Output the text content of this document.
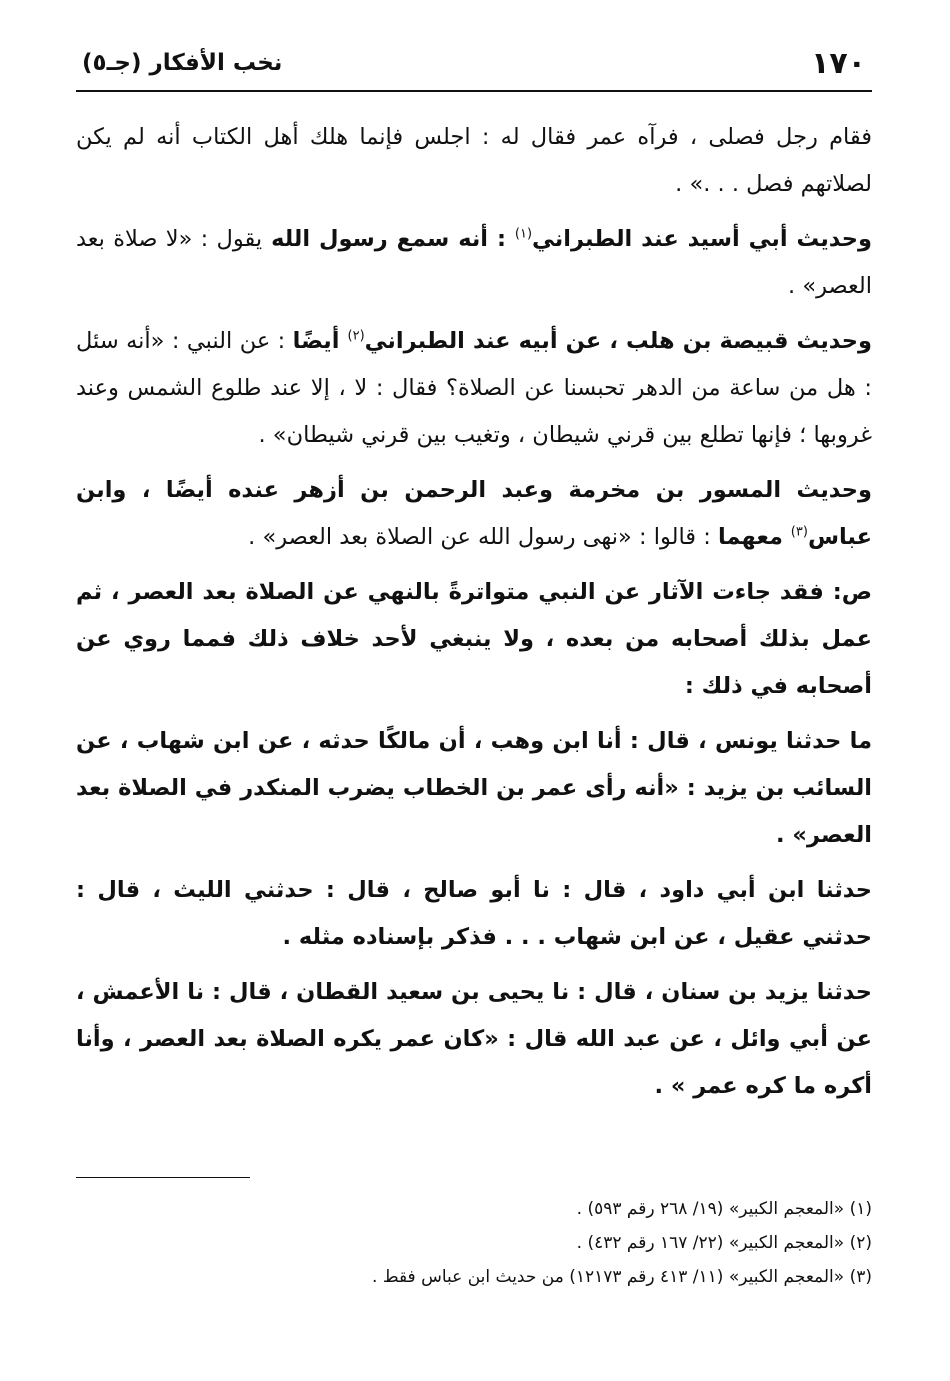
١٧٠
نخب الأفكار (جـ٥)

فقام رجل فصلى ، فرآه عمر فقال له : اجلس فإنما هلك أهل الكتاب أنه لم يكن لصلاتهم فصل . . .» .

وحديث أبي أسيد عند الطبراني$^{(١)}$ : أنه سمع رسول الله يقول : «لا صلاة بعد العصر» .

وحديث قبيصة بن هلب ، عن أبيه عند الطبراني$^{(٢)}$ أيضًا : عن النبي : «أنه سئل : هل من ساعة من الدهر تحبسنا عن الصلاة؟ فقال : لا ، إلا عند طلوع الشمس وعند غروبها ؛ فإنها تطلع بين قرني شيطان ، وتغيب بين قرني شيطان» .

وحديث المسور بن مخرمة وعبد الرحمن بن أزهر عنده أيضًا ، وابن عباس$^{(٣)}$ معهما : قالوا : «نهى رسول الله عن الصلاة بعد العصر» .

ص: فقد جاءت الآثار عن النبي متواترةً بالنهي عن الصلاة بعد العصر ، ثم عمل بذلك أصحابه من بعده ، ولا ينبغي لأحد خلاف ذلك فمما روي عن أصحابه في ذلك :

ما حدثنا يونس ، قال : أنا ابن وهب ، أن مالكًا حدثه ، عن ابن شهاب ، عن السائب بن يزيد : «أنه رأى عمر بن الخطاب يضرب المنكدر في الصلاة بعد العصر» .

حدثنا ابن أبي داود ، قال : نا أبو صالح ، قال : حدثني الليث ، قال : حدثني عقيل ، عن ابن شهاب . . . فذكر بإسناده مثله .

حدثنا يزيد بن سنان ، قال : نا يحيى بن سعيد القطان ، قال : نا الأعمش ، عن أبي وائل ، عن عبد الله قال : «كان عمر يكره الصلاة بعد العصر ، وأنا أكره ما كره عمر » .

(١) «المعجم الكبير» (١٩/ ٢٦٨ رقم ٥٩٣) .

(٢) «المعجم الكبير» (٢٢/ ١٦٧ رقم ٤٣٢) .

(٣) «المعجم الكبير» (١١/ ٤١٣ رقم ١٢١٧٣) من حديث ابن عباس فقط .
